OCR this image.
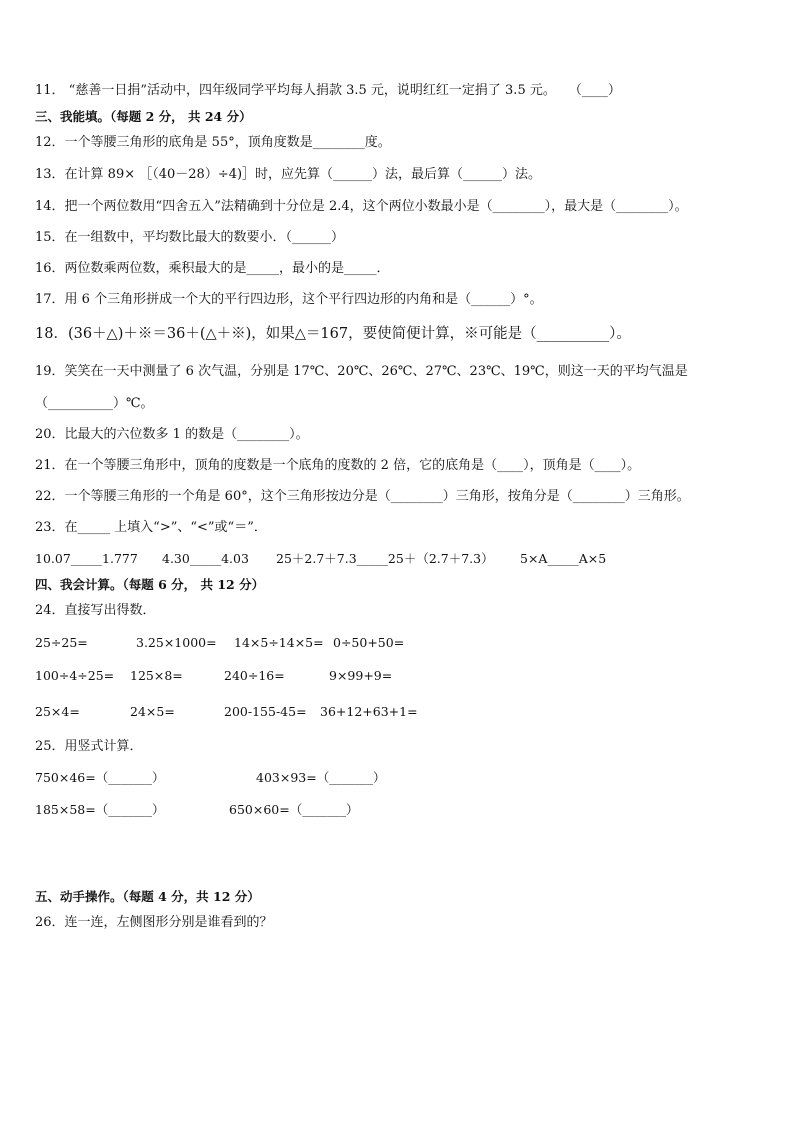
11． “慈善一日捐”活动中，四年级同学平均每人捐款 3.5 元，说明红红一定捐了 3.5 元。　　（____）
三、我能填。（每题 2 分， 共 24 分）
12．一个等腰三角形的底角是 55°，顶角度数是________度。
13．在计算 89× ［（40－28）÷4)］时，应先算（______）法，最后算（______）法。
14．把一个两位数用“四舍五入”法精确到十分位是 2.4，这个两位小数最小是（________），最大是（________）。
15．在一组数中，平均数比最大的数要小．（______）
16．两位数乘两位数，乘积最大的是_____，最小的是_____．
17．用 6 个三角形拼成一个大的平行四边形，这个平行四边形的内角和是（______）°。
18．(36＋△)＋※＝36＋(△＋※)，如果△＝167，要使简便计算，※可能是（__________）。
19．笑笑在一天中测量了 6 次气温，分别是 17℃、20℃、26℃、27℃、23℃、19℃，则这一天的平均气温是
（__________）℃。
20．比最大的六位数多 1 的数是（________）。
21．在一个等腰三角形中，顶角的度数是一个底角的度数的 2 倍，它的底角是（____），顶角是（____）。
22．一个等腰三角形的一个角是 60°，这个三角形按边分是（________）三角形，按角分是（________）三角形。
23．在_____ 上填入“>”、“<”或“＝”．
10.07_____1.777 4.30_____4.03 25＋2.7＋7.3_____25＋（2.7＋7.3） 5×A_____A×5
四、我会计算。（每题 6 分， 共 12 分）
24．直接写出得数．
25÷25=	3.25×1000= 14×5÷14×5= 0÷50+50=
100÷4÷25= 125×8=	240÷16=	9×99+9=
25×4=	24×5=	200-155-45= 36+12+63+1=
25．用竖式计算．
750×46=（_______）	403×93=（_______）
185×58=（_______）	650×60=（_______）
五、动手操作。（每题 4 分，共 12 分）
26．连一连，左侧图形分别是谁看到的？
